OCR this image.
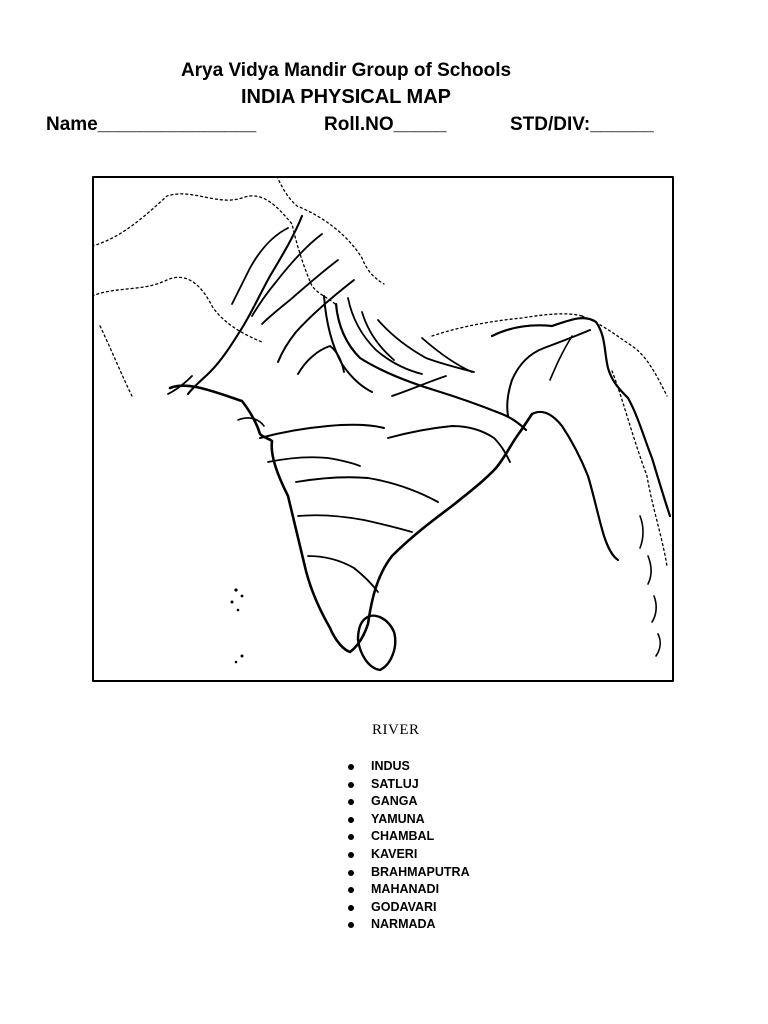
Arya Vidya Mandir Group of Schools
INDIA PHYSICAL MAP
Name_______________	Roll.NO_____	STD/DIV:______
RIVER
INDUS
SATLUJ
GANGA
YAMUNA
CHAMBAL
KAVERI
BRAHMAPUTRA
MAHANADI
GODAVARI
NARMADA
